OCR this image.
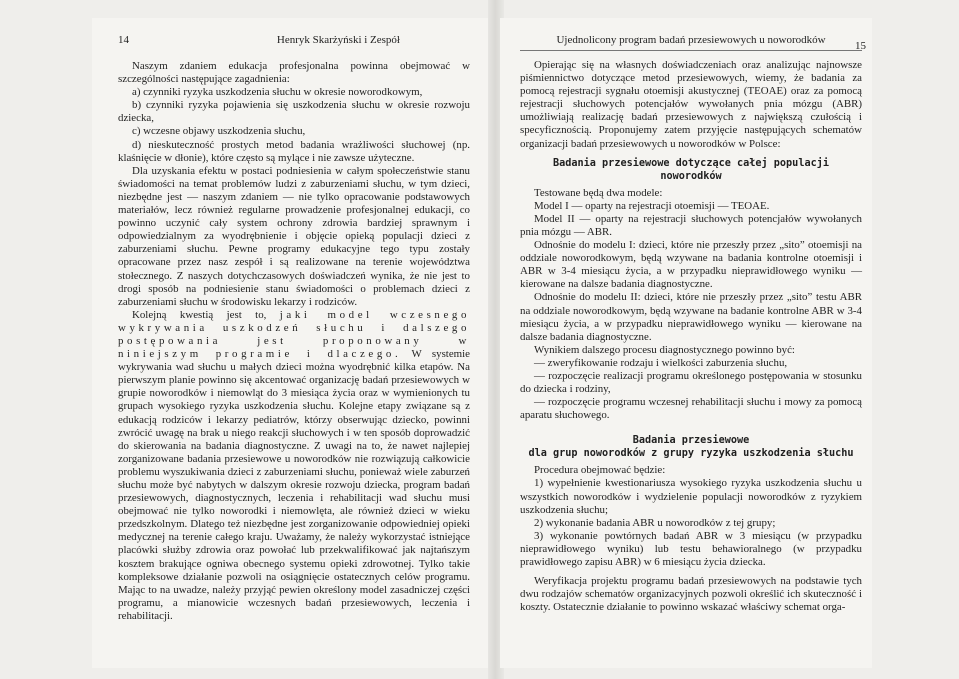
14	Henryk Skarżyński i Zespół

Naszym zdaniem edukacja profesjonalna powinna obejmować w szczególności następujące zagadnienia:

a) czynniki ryzyka uszkodzenia słuchu w okresie noworodkowym,

b) czynniki ryzyka pojawienia się uszkodzenia słuchu w okresie rozwoju dziecka,

c) wczesne objawy uszkodzenia słuchu,

d) nieskuteczność prostych metod badania wrażliwości słuchowej (np. klaśnięcie w dłonie), które często są mylące i nie zawsze użyteczne.

Dla uzyskania efektu w postaci podniesienia w całym społeczeństwie stanu świadomości na temat problemów ludzi z zaburzeniami słuchu, w tym dzieci, niezbędne jest — naszym zdaniem — nie tylko opracowanie podstawowych materiałów, lecz również regularne prowadzenie profesjonalnej edukacji, co powinno uczynić cały system ochrony zdrowia bardziej sprawnym i odpowiedzialnym za wyodrębnienie i objęcie opieką populacji dzieci z zaburzeniami słuchu. Pewne programy edukacyjne tego typu zostały opracowane przez nasz zespół i są realizowane na terenie województwa stołecznego. Z naszych dotychczasowych doświadczeń wynika, że nie jest to drogi sposób na podniesienie stanu świadomości o problemach dzieci z zaburzeniami słuchu w środowisku lekarzy i rodziców.

Kolejną kwestią jest to, jaki model wczesnego wykrywania uszkodzeń słuchu i dalszego postępowania jest proponowany w niniejszym programie i dlaczego. W systemie wykrywania wad słuchu u małych dzieci można wyodrębnić kilka etapów. Na pierwszym planie powinno się akcentować organizację badań przesiewowych w grupie noworodków i niemowląt do 3 miesiąca życia oraz w wymienionych tu grupach wysokiego ryzyka uszkodzenia słuchu. Kolejne etapy związane są z edukacją rodziców i lekarzy pediatrów, którzy obserwując dziecko, powinni zwrócić uwagę na brak u niego reakcji słuchowych i w ten sposób doprowadzić do skierowania na badania diagnostyczne. Z uwagi na to, że nawet najlepiej zorganizowane badania przesiewowe u noworodków nie rozwiązują całkowicie problemu wyszukiwania dzieci z zaburzeniami słuchu, ponieważ wiele zaburzeń słuchu może być nabytych w dalszym okresie rozwoju dziecka, program badań przesiewowych, diagnostycznych, leczenia i rehabilitacji wad słuchu musi obejmować nie tylko noworodki i niemowlęta, ale również dzieci w wieku przedszkolnym. Dlatego też niezbędne jest zorganizowanie odpowiedniej opieki medycznej na terenie całego kraju. Uważamy, że należy wykorzystać istniejące placówki służby zdrowia oraz powołać lub przekwalifikować jak najtańszym kosztem brakujące ogniwa obecnego systemu opieki zdrowotnej. Tylko takie kompleksowe działanie pozwoli na osiągnięcie ostatecznych celów programu. Mając to na uwadze, należy przyjąć pewien określony model zasadniczej części programu, a mianowicie wczesnych badań przesiewowych, leczenia i rehabilitacji.

Ujednolicony program badań przesiewowych u noworodków	15

Opierając się na własnych doświadczeniach oraz analizując najnowsze piśmiennictwo dotyczące metod przesiewowych, wiemy, że badania za pomocą rejestracji sygnału otoemisji akustycznej (TEOAE) oraz za pomocą rejestracji słuchowych potencjałów wywołanych pnia mózgu (ABR) umożliwiają realizację badań przesiewowych z największą czułością i specyficznością. Proponujemy zatem przyjęcie następujących schematów organizacji badań przesiewowych u noworodków w Polsce:

Badania przesiewowe dotyczące całej populacji noworodków

Testowane będą dwa modele:

Model I — oparty na rejestracji otoemisji — TEOAE.

Model II — oparty na rejestracji słuchowych potencjałów wywołanych pnia mózgu — ABR.

Odnośnie do modelu I: dzieci, które nie przeszły przez „sito” otoemisji na oddziale noworodkowym, będą wzywane na badania kontrolne otoemisji i ABR w 3-4 miesiącu życia, a w przypadku nieprawidłowego wyniku — kierowane na dalsze badania diagnostyczne.

Odnośnie do modelu II: dzieci, które nie przeszły przez „sito” testu ABR na oddziale noworodkowym, będą wzywane na badanie kontrolne ABR w 3-4 miesiącu życia, a w przypadku nieprawidłowego wyniku — kierowane na dalsze badania diagnostyczne.

Wynikiem dalszego procesu diagnostycznego powinno być:

— zweryfikowanie rodzaju i wielkości zaburzenia słuchu,

— rozpoczęcie realizacji programu określonego postępowania w stosunku do dziecka i rodziny,

— rozpoczęcie programu wczesnej rehabilitacji słuchu i mowy za pomocą aparatu słuchowego.

Badania przesiewowe
dla grup noworodków z grupy ryzyka uszkodzenia słuchu

Procedura obejmować będzie:

1) wypełnienie kwestionariusza wysokiego ryzyka uszkodzenia słuchu u wszystkich noworodków i wydzielenie populacji noworodków z ryzykiem uszkodzenia słuchu;

2) wykonanie badania ABR u noworodków z tej grupy;

3) wykonanie powtórnych badań ABR w 3 miesiącu (w przypadku nieprawidłowego wyniku) lub testu behawioralnego (w przypadku prawidłowego zapisu ABR) w 6 miesiącu życia dziecka.

Weryfikacja projektu programu badań przesiewowych na podstawie tych dwu rodzajów schematów organizacyjnych pozwoli określić ich skuteczność i koszty. Ostatecznie działanie to powinno wskazać właściwy schemat orga-
